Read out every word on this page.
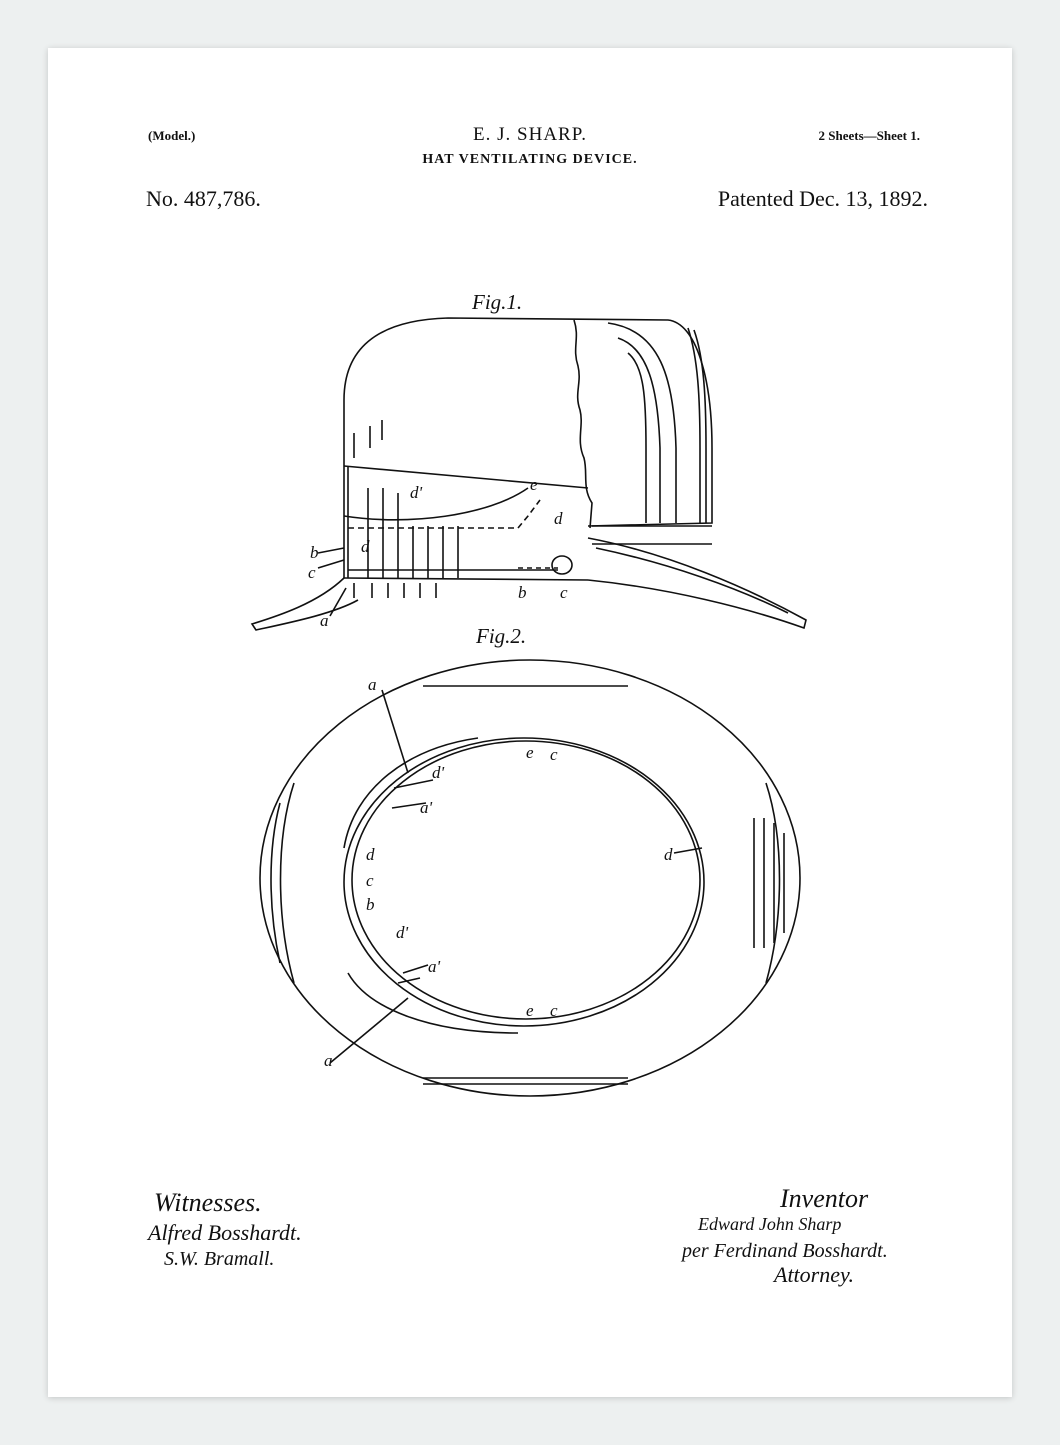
(Model.)	E. J. SHARP.
HAT VENTILATING DEVICE.
2 Sheets—Sheet 1.
No. 487,786.	Patented Dec. 13, 1892.
Fig.1.
Fig.2.
a
b
c
d
d'	e
d
b c
a
d'
a'
e c
d
c
b
d
d'
a'
e c
a
Witnesses.
Alfred Bosshardt.
S.W. Bramall.
Inventor
Edward John Sharp
per Ferdinand Bosshardt.
Attorney.
